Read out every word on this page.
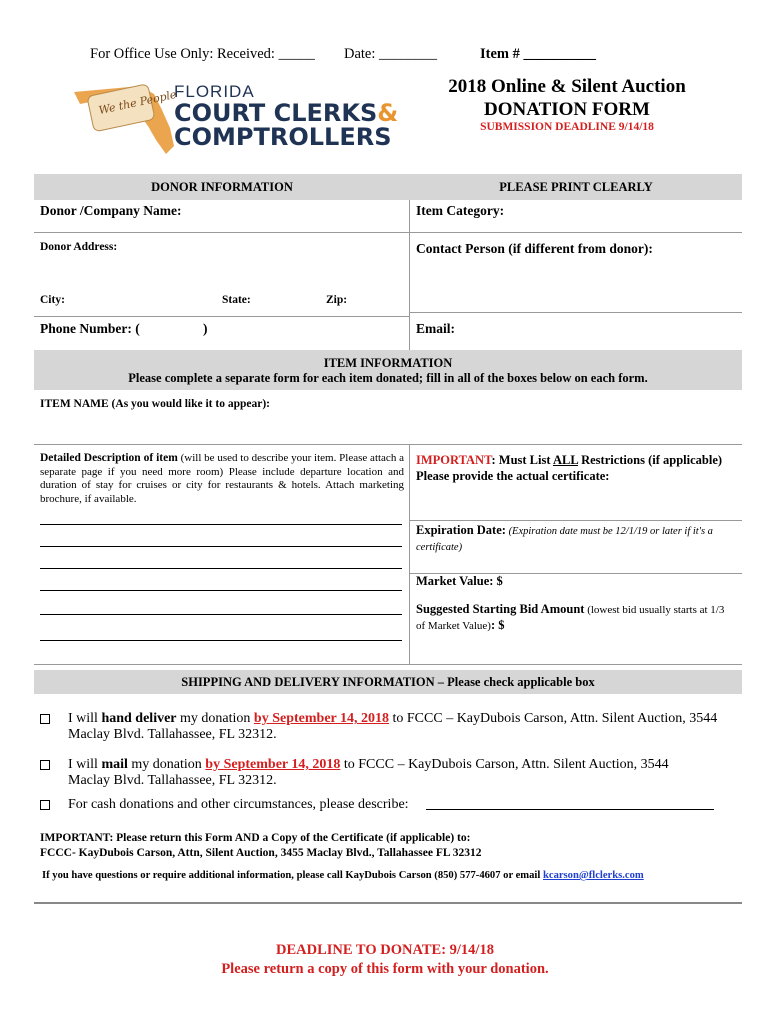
For Office Use Only: Received: _____ Date: ________	Item # __________
We the People
FLORIDA
COURT CLERKS&
COMPTROLLERS
2018 Online & Silent Auction
DONATION FORM
SUBMISSION DEADLINE 9/14/18
DONOR INFORMATION	PLEASE PRINT CLEARLY
Donor /Company Name:	Item Category:
Donor Address:	Contact Person (if different from donor):
City:	State:	Zip:
Phone Number: (	)	Email:
ITEM INFORMATION
Please complete a separate form for each item donated; fill in all of the boxes below on each form.
ITEM NAME (As you would like it to appear):
Detailed Description of item (will be used to describe your item. Please attach a separate page if you need more room) Please include departure location and duration of stay for cruises or city for restaurants & hotels. Attach marketing brochure, if available.
IMPORTANT: Must List ALL Restrictions (if applicable) Please provide the actual certificate:
Expiration Date: (Expiration date must be 12/1/19 or later if it's a certificate)
Market Value: $
Suggested Starting Bid Amount (lowest bid usually starts at 1/3 of Market Value): $
SHIPPING AND DELIVERY INFORMATION – Please check applicable box
I will hand deliver my donation by September 14, 2018 to FCCC – KayDubois Carson, Attn. Silent Auction, 3544 Maclay Blvd. Tallahassee, FL 32312.
I will mail my donation by September 14, 2018 to FCCC – KayDubois Carson, Attn. Silent Auction, 3544 Maclay Blvd. Tallahassee, FL 32312.
For cash donations and other circumstances, please describe:
IMPORTANT: Please return this Form AND a Copy of the Certificate (if applicable) to:
FCCC- KayDubois Carson, Attn, Silent Auction, 3455 Maclay Blvd., Tallahassee FL 32312
If you have questions or require additional information, please call KayDubois Carson (850) 577-4607 or email kcarson@flclerks.com
DEADLINE TO DONATE: 9/14/18
Please return a copy of this form with your donation.
